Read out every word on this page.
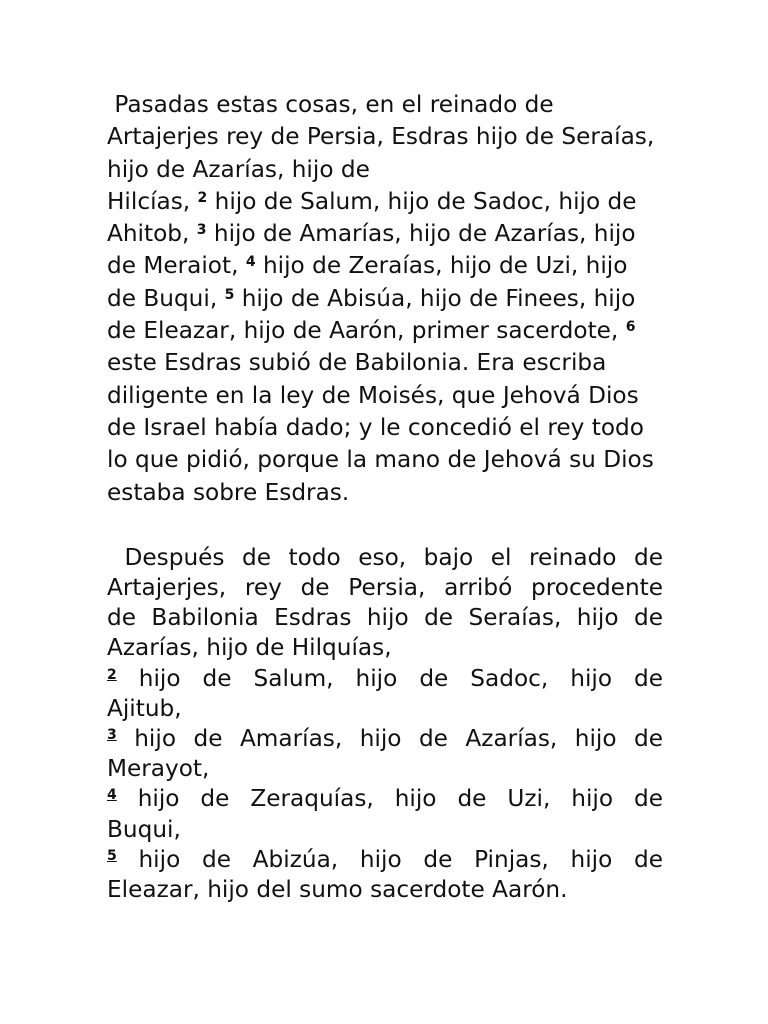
Pasadas estas cosas, en el reinado de Artajerjes rey de Persia, Esdras hijo de Seraías, hijo de Azarías, hijo de
Hilcías, $^2$ hijo de Salum, hijo de Sadoc, hijo de Ahitob, $^3$ hijo de Amarías, hijo de Azarías, hijo de Meraiot, $^4$ hijo de Zeraías, hijo de Uzi, hijo de Buqui, $^5$ hijo de Abisúa, hijo de Finees, hijo de Eleazar, hijo de Aarón, primer sacerdote, $^6$ este Esdras subió de Babilonia. Era escriba diligente en la ley de Moisés, que Jehová Dios de Israel había dado; y le concedió el rey todo lo que pidió, porque la mano de Jehová su Dios estaba sobre Esdras.

Después de todo eso, bajo el reinado de
Artajerjes, rey de Persia, arribó procedente
de Babilonia Esdras hijo de Seraías, hijo de
Azarías, hijo de Hilquías,
$^2$ hijo de Salum, hijo de Sadoc, hijo de
Ajitub,
$^3$ hijo de Amarías, hijo de Azarías, hijo de
Merayot,
$^4$ hijo de Zeraquías, hijo de Uzi, hijo de
Buqui,
$^5$ hijo de Abizúa, hijo de Pinjas, hijo de
Eleazar, hijo del sumo sacerdote Aarón.
